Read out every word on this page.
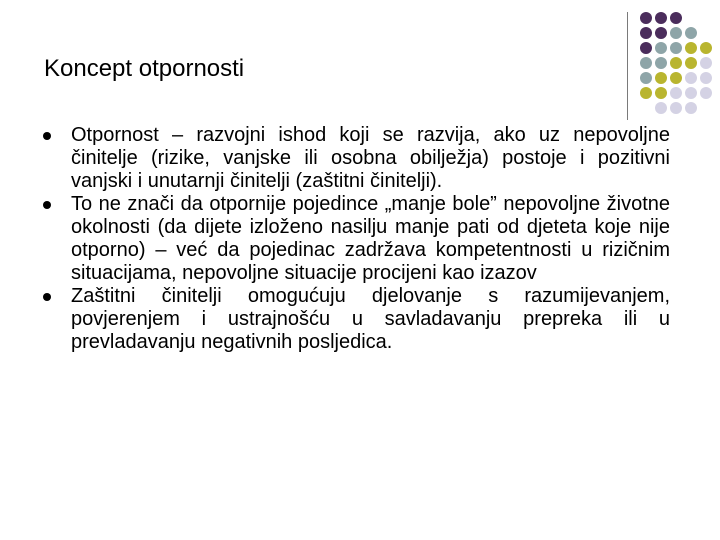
Koncept otpornosti
Otpornost – razvojni ishod koji se razvija, ako uz nepovoljne činitelje (rizike, vanjske ili osobna obilježja) postoje i pozitivni vanjski i unutarnji činitelji (zaštitni činitelji).
To ne znači da otpornije pojedince „manje bole” nepovoljne životne okolnosti (da dijete izloženo nasilju manje pati od djeteta koje nije otporno) – već da pojedinac zadržava kompetentnosti u rizičnim situacijama, nepovoljne situacije procijeni kao izazov
Zaštitni činitelji omogućuju djelovanje s razumijevanjem, povjerenjem i ustrajnošću u savladavanju prepreka ili u prevladavanju negativnih posljedica.
